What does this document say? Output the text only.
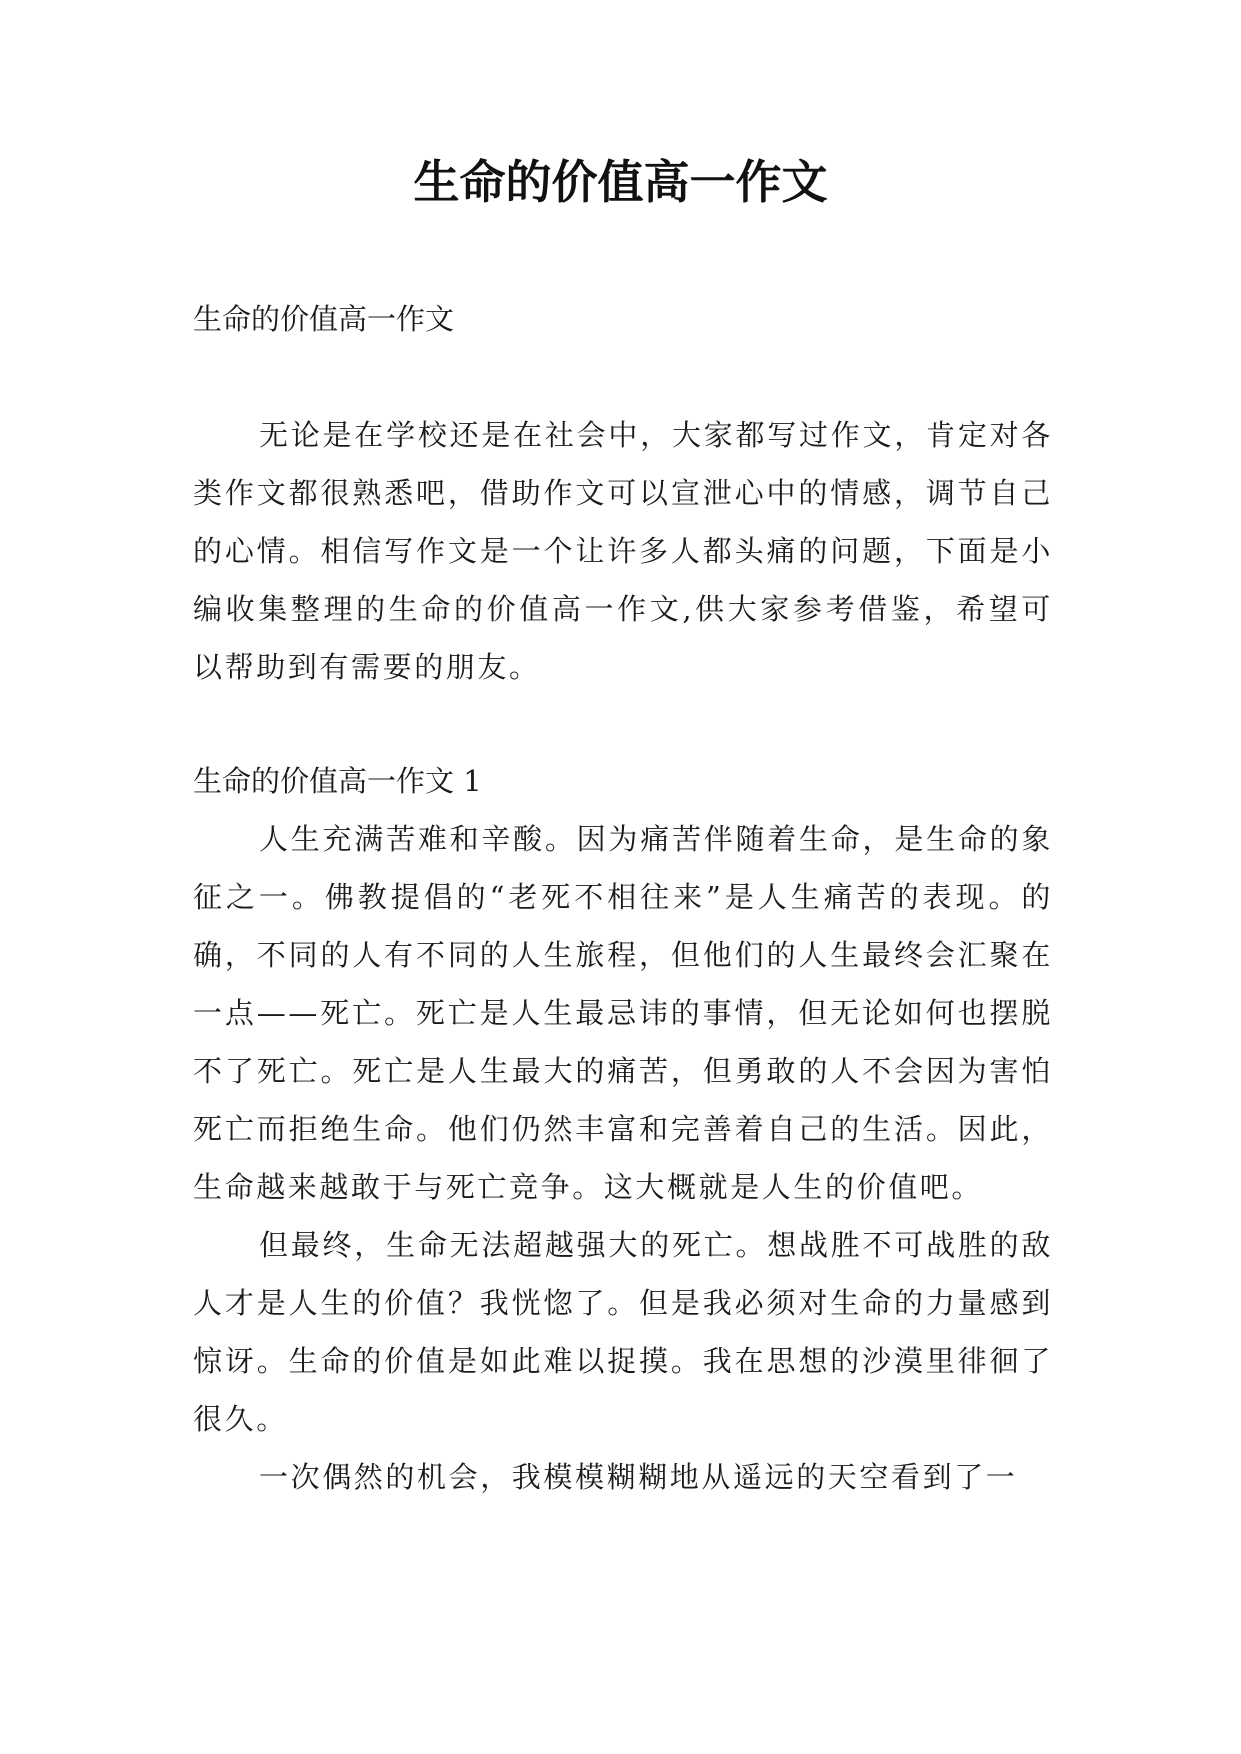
生命的价值高一作文

生命的价值高一作文

无论是在学校还是在社会中，大家都写过作文，肯定对各类作文都很熟悉吧，借助作文可以宣泄心中的情感，调节自己的心情。相信写作文是一个让许多人都头痛的问题，下面是小编收集整理的生命的价值高一作文,供大家参考借鉴，希望可以帮助到有需要的朋友。

生命的价值高一作文 1

人生充满苦难和辛酸。因为痛苦伴随着生命，是生命的象征之一。佛教提倡的“老死不相往来”是人生痛苦的表现。的确，不同的人有不同的人生旅程，但他们的人生最终会汇聚在一点——死亡。死亡是人生最忌讳的事情，但无论如何也摆脱不了死亡。死亡是人生最大的痛苦，但勇敢的人不会因为害怕死亡而拒绝生命。他们仍然丰富和完善着自己的生活。因此，生命越来越敢于与死亡竞争。这大概就是人生的价值吧。

但最终，生命无法超越强大的死亡。想战胜不可战胜的敌人才是人生的价值？我恍惚了。但是我必须对生命的力量感到惊讶。生命的价值是如此难以捉摸。我在思想的沙漠里徘徊了很久。

一次偶然的机会，我模模糊糊地从遥远的天空看到了一
